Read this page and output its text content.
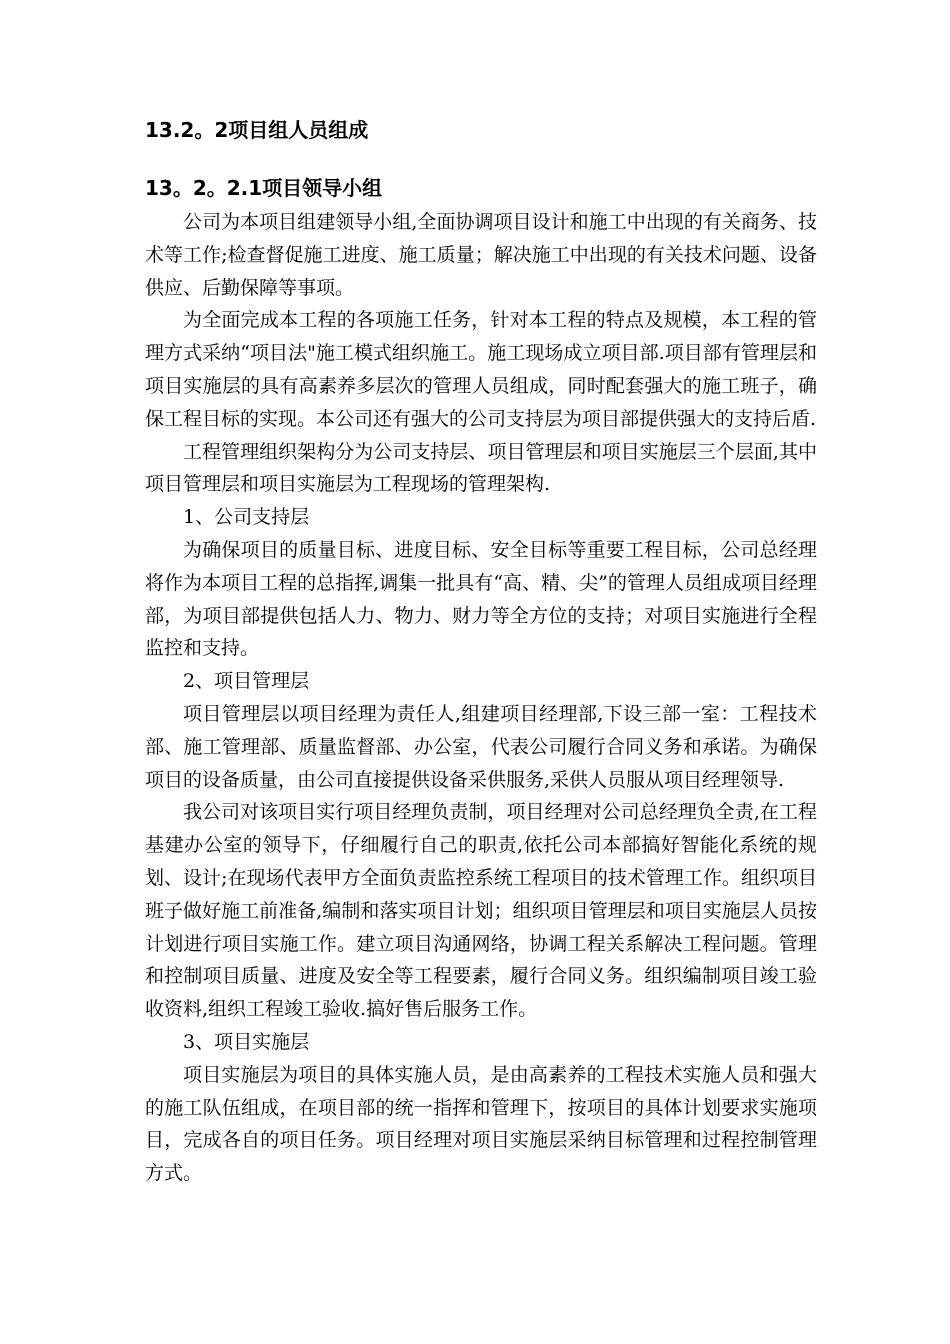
13.2。2项目组人员组成
13。2。2.1项目领导小组

公司为本项目组建领导小组,全面协调项目设计和施工中出现的有关商务、技术等工作;检查督促施工进度、施工质量；解决施工中出现的有关技术问题、设备供应、后勤保障等事项。

为全面完成本工程的各项施工任务，针对本工程的特点及规模，本工程的管理方式采纳“项目法"施工模式组织施工。施工现场成立项目部.项目部有管理层和项目实施层的具有高素养多层次的管理人员组成，同时配套强大的施工班子，确保工程目标的实现。本公司还有强大的公司支持层为项目部提供强大的支持后盾.

工程管理组织架构分为公司支持层、项目管理层和项目实施层三个层面,其中项目管理层和项目实施层为工程现场的管理架构.

1、公司支持层

为确保项目的质量目标、进度目标、安全目标等重要工程目标，公司总经理将作为本项目工程的总指挥,调集一批具有“高、精、尖”的管理人员组成项目经理部，为项目部提供包括人力、物力、财力等全方位的支持；对项目实施进行全程监控和支持。

2、项目管理层

项目管理层以项目经理为责任人,组建项目经理部,下设三部一室：工程技术部、施工管理部、质量监督部、办公室，代表公司履行合同义务和承诺。为确保项目的设备质量，由公司直接提供设备采供服务,采供人员服从项目经理领导.

我公司对该项目实行项目经理负责制，项目经理对公司总经理负全责,在工程基建办公室的领导下，仔细履行自己的职责,依托公司本部搞好智能化系统的规划、设计;在现场代表甲方全面负责监控系统工程项目的技术管理工作。组织项目班子做好施工前准备,编制和落实项目计划；组织项目管理层和项目实施层人员按计划进行项目实施工作。建立项目沟通网络，协调工程关系解决工程问题。管理和控制项目质量、进度及安全等工程要素，履行合同义务。组织编制项目竣工验收资料,组织工程竣工验收.搞好售后服务工作。

3、项目实施层

项目实施层为项目的具体实施人员，是由高素养的工程技术实施人员和强大的施工队伍组成，在项目部的统一指挥和管理下，按项目的具体计划要求实施项目，完成各自的项目任务。项目经理对项目实施层采纳目标管理和过程控制管理方式。
